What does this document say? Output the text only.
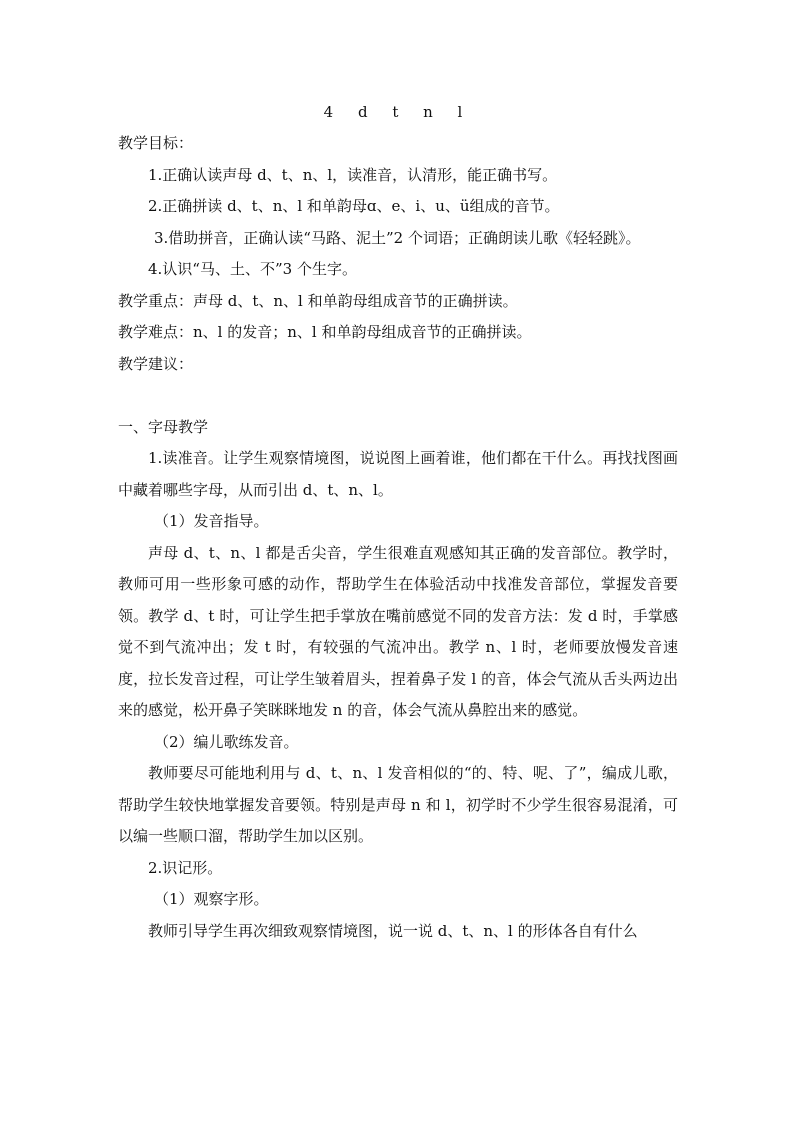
4 d t n l
教学目标：
1.正确认读声母 d、t、n、l，读准音，认清形，能正确书写。
2.正确拼读 d、t、n、l 和单韵母ɑ、e、i、u、ü组成的音节。

3.借助拼音，正确认读“马路、泥土”2 个词语；正确朗读儿歌《轻轻跳》。

4.认识“马、土、不”3 个生字。
教学重点：声母 d、t、n、l 和单韵母组成音节的正确拼读。
教学难点：n、l 的发音；n、l 和单韵母组成音节的正确拼读。
教学建议：
一、字母教学

1.读准音。让学生观察情境图，说说图上画着谁，他们都在干什么。再找找图画中藏着哪些字母，从而引出 d、t、n、l。

（1）发音指导。

声母 d、t、n、l 都是舌尖音，学生很难直观感知其正确的发音部位。教学时，教师可用一些形象可感的动作，帮助学生在体验活动中找准发音部位，掌握发音要领。教学 d、t 时，可让学生把手掌放在嘴前感觉不同的发音方法：发 d 时，手掌感觉不到气流冲出；发 t 时，有较强的气流冲出。教学 n、l 时，老师要放慢发音速度，拉长发音过程，可让学生皱着眉头，捏着鼻子发 l 的音，体会气流从舌头两边出来的感觉，松开鼻子笑眯眯地发 n 的音，体会气流从鼻腔出来的感觉。

（2）编儿歌练发音。

教师要尽可能地利用与 d、t、n、l 发音相似的“的、特、呢、了”，编成儿歌，帮助学生较快地掌握发音要领。特别是声母 n 和 l，初学时不少学生很容易混淆，可以编一些顺口溜，帮助学生加以区别。

2.识记形。
（1）观察字形。

教师引导学生再次细致观察情境图，说一说 d、t、n、l 的形体各自有什么
